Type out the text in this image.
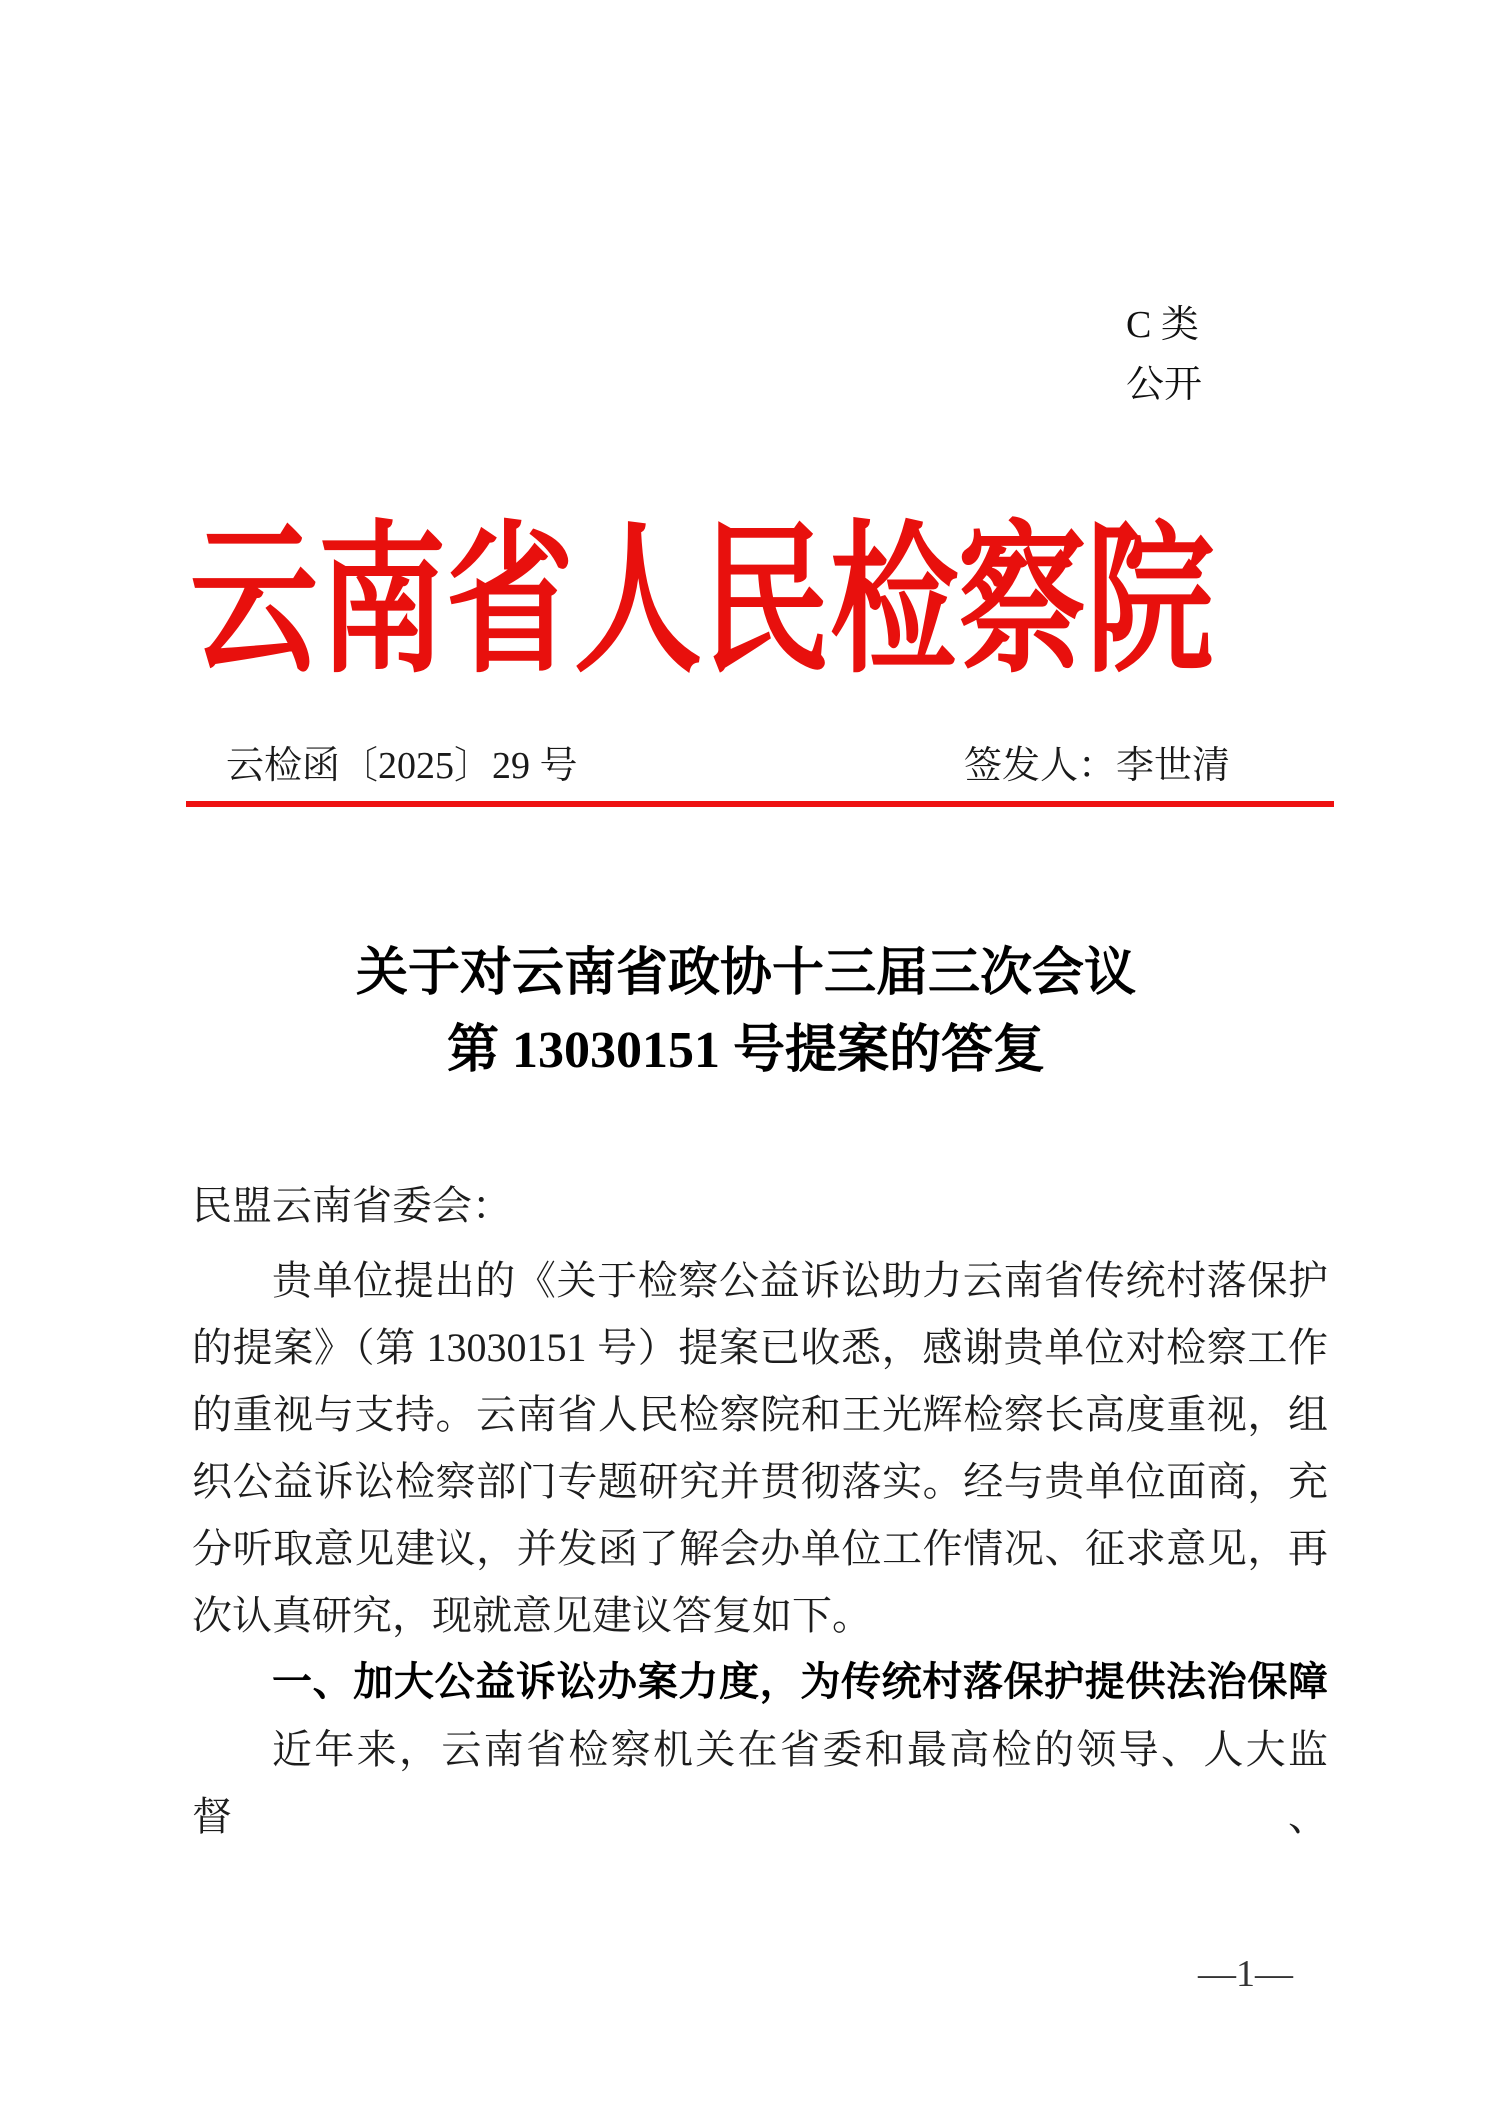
C 类
公开
云南省人民检察院
云检函〔2025〕29 号	签发人：李世清
关于对云南省政协十三届三次会议
第 13030151 号提案的答复
民盟云南省委会：
贵单位提出的《关于检察公益诉讼助力云南省传统村落保护
的提案》（第 13030151 号）提案已收悉，感谢贵单位对检察工作
的重视与支持。云南省人民检察院和王光辉检察长高度重视，组
织公益诉讼检察部门专题研究并贯彻落实。经与贵单位面商，充
分听取意见建议，并发函了解会办单位工作情况、征求意见，再
次认真研究，现就意见建议答复如下。
一、加大公益诉讼办案力度，为传统村落保护提供法治保障
近年来，云南省检察机关在省委和最高检的领导、人大监督、
—1—
